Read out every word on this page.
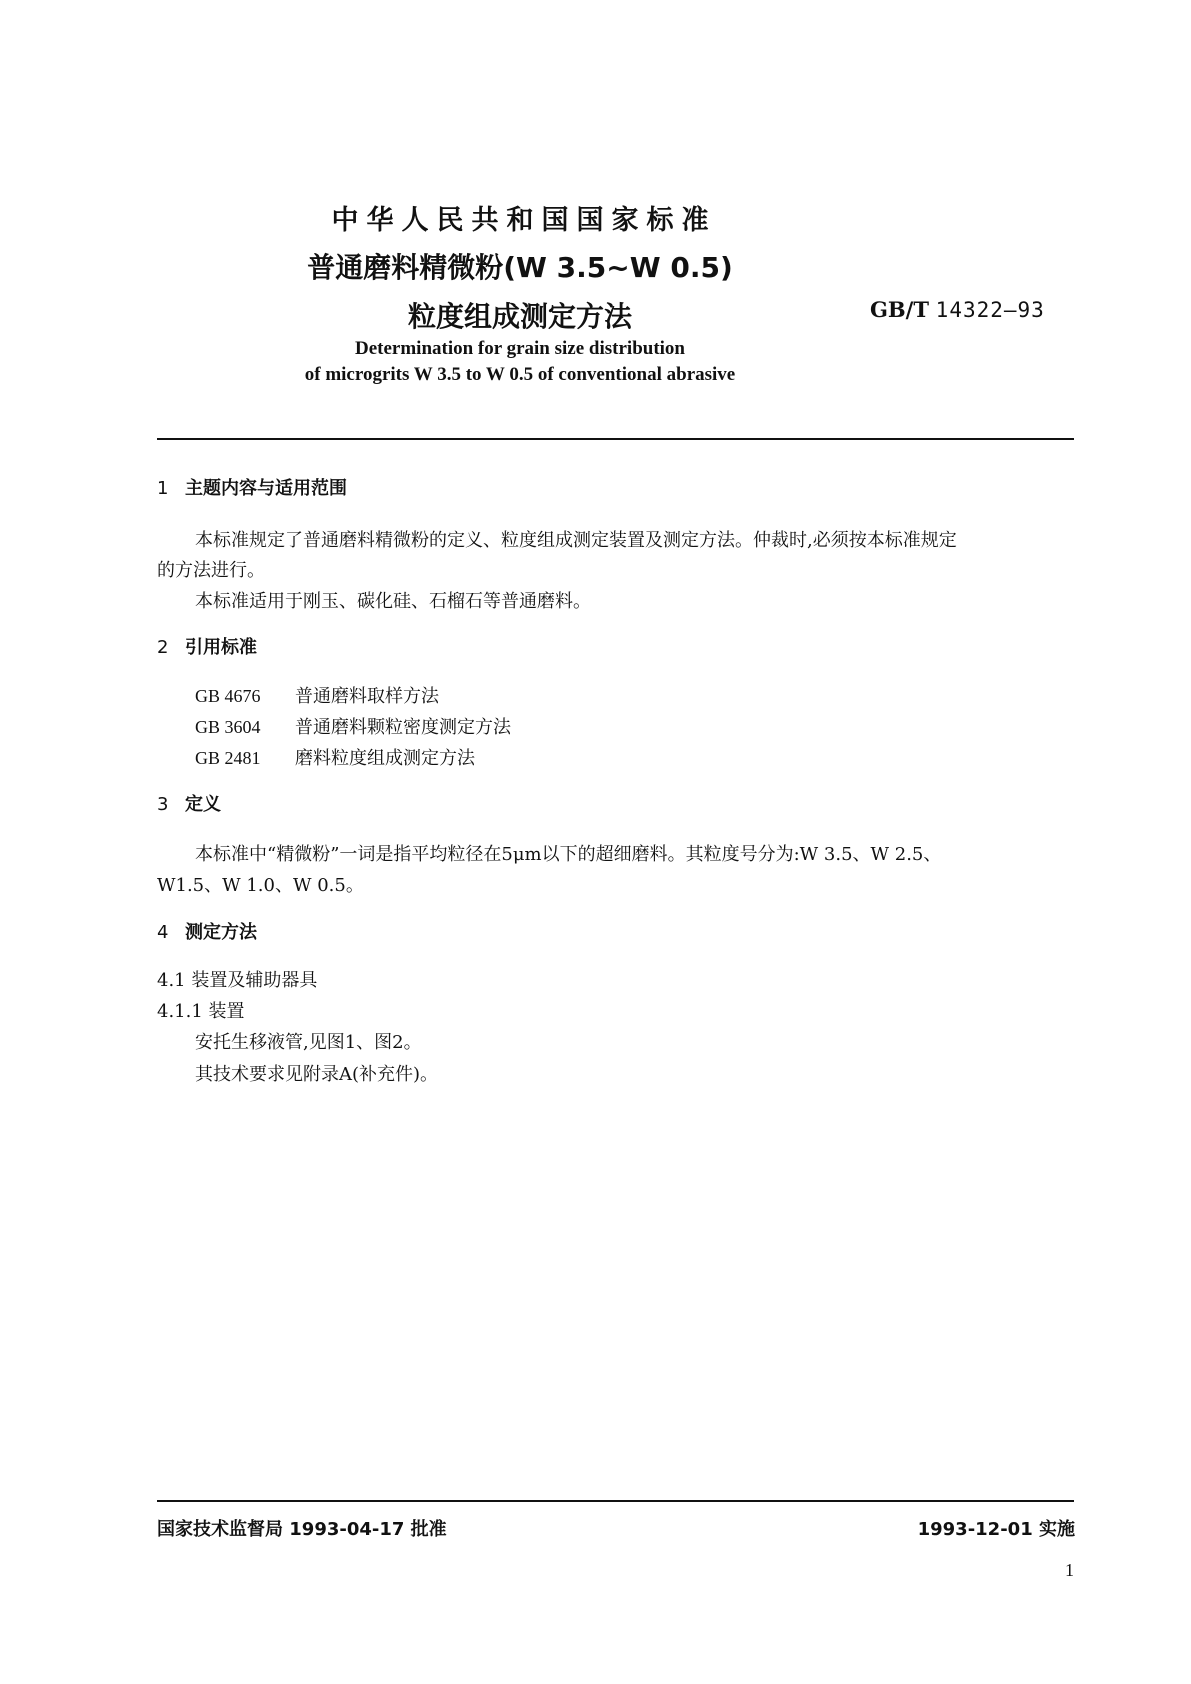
中华人民共和国国家标准
普通磨料精微粉(W 3.5~W 0.5)
粒度组成测定方法	GB/T 14322—93
Determination for grain size distribution
of microgrits W 3.5 to W 0.5 of conventional abrasive
1 主题内容与适用范围
本标准规定了普通磨料精微粉的定义、粒度组成测定装置及测定方法。仲裁时,必须按本标准规定
的方法进行。
本标准适用于刚玉、碳化硅、石榴石等普通磨料。
2 引用标准
GB 4676 普通磨料取样方法
GB 3604 普通磨料颗粒密度测定方法
GB 2481 磨料粒度组成测定方法
3 定义
本标准中“精微粉”一词是指平均粒径在5μm以下的超细磨料。其粒度号分为:W 3.5、W 2.5、
W1.5、W 1.0、W 0.5。
4 测定方法
4.1 装置及辅助器具
4.1.1 装置
安托生移液管,见图1、图2。
其技术要求见附录A(补充件)。
国家技术监督局 1993-04-17 批准	1993-12-01 实施
1
